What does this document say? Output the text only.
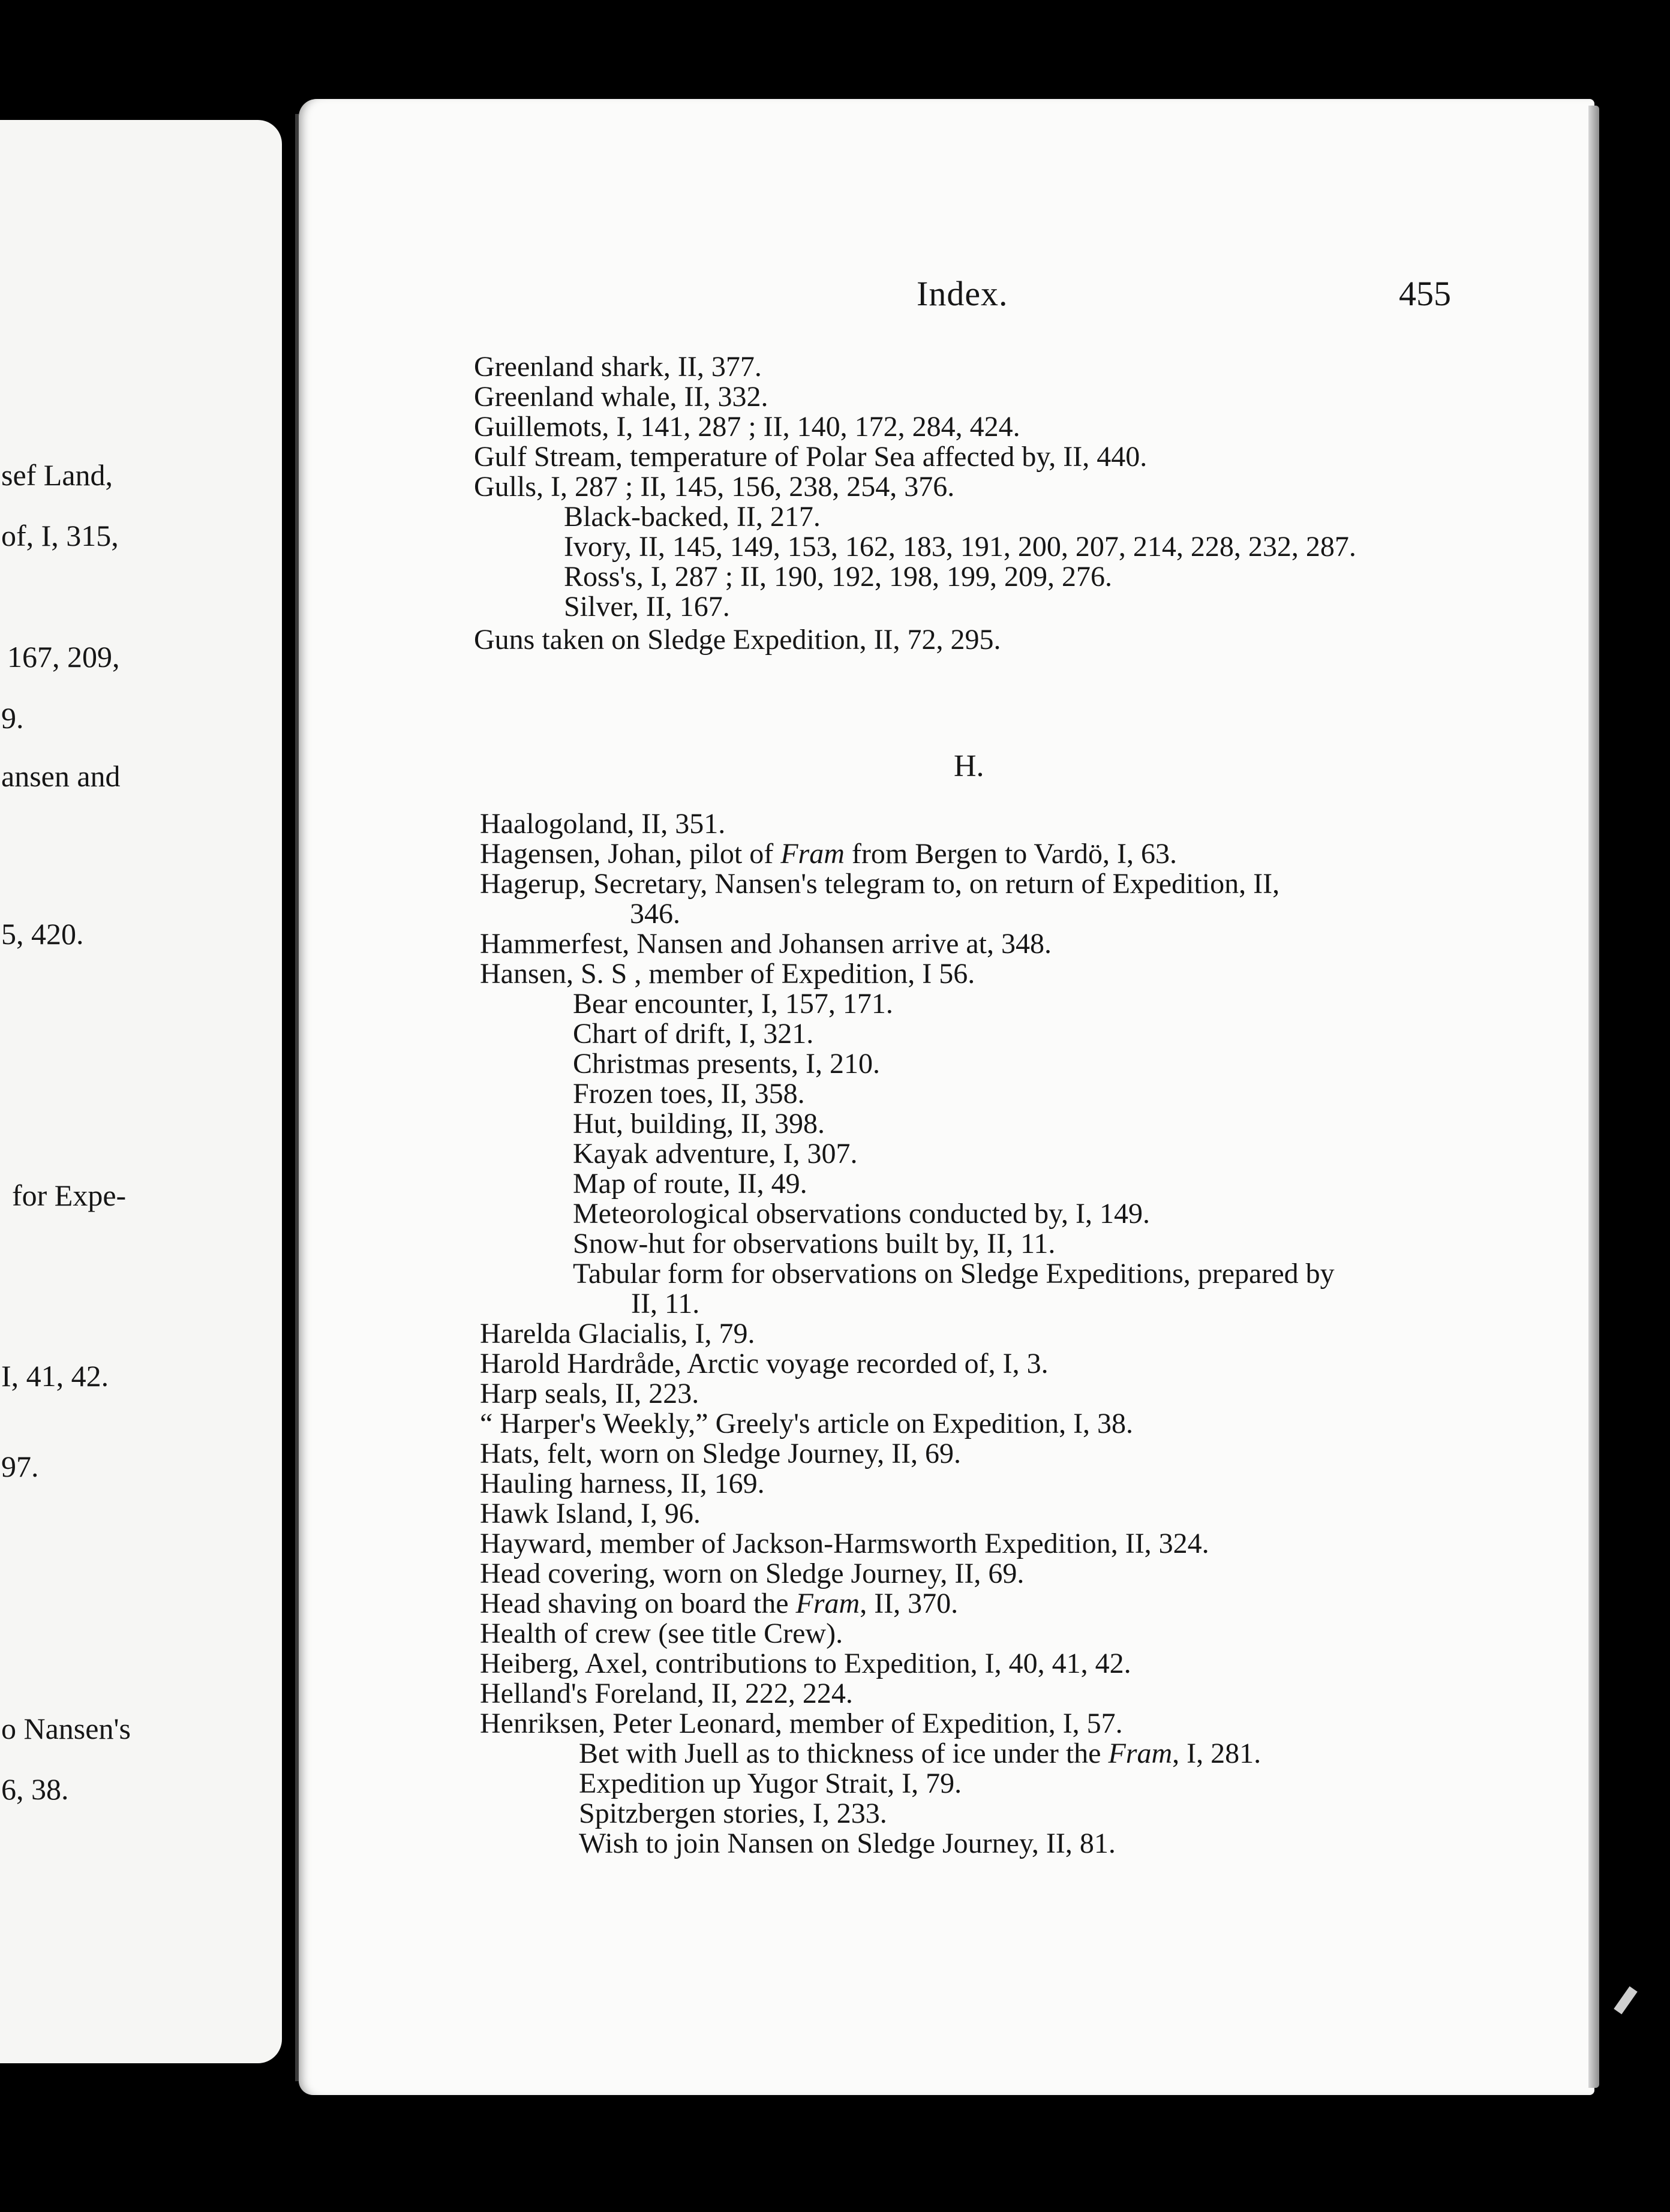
sef Land,
of, I, 315,
167, 209,
9.
ansen and
5, 420.
for Expe-
I, 41, 42.
97.
o Nansen's
6, 38.
Index.	455
Greenland shark, II, 377.
Greenland whale, II, 332.
Guillemots, I, 141, 287 ; II, 140, 172, 284, 424.
Gulf Stream, temperature of Polar Sea affected by, II, 440.
Gulls, I, 287 ; II, 145, 156, 238, 254, 376.
Black-backed, II, 217.
Ivory, II, 145, 149, 153, 162, 183, 191, 200, 207, 214, 228, 232, 287.
Ross's, I, 287 ; II, 190, 192, 198, 199, 209, 276.
Silver, II, 167.
Guns taken on Sledge Expedition, II, 72, 295.
H.
Haalogoland, II, 351.
Hagensen, Johan, pilot of Fram from Bergen to Vardö, I, 63.
Hagerup, Secretary, Nansen's telegram to, on return of Expedition, II,
346.
Hammerfest, Nansen and Johansen arrive at, 348.
Hansen, S. S , member of Expedition, I 56.
Bear encounter, I, 157, 171.
Chart of drift, I, 321.
Christmas presents, I, 210.
Frozen toes, II, 358.
Hut, building, II, 398.
Kayak adventure, I, 307.
Map of route, II, 49.
Meteorological observations conducted by, I, 149.
Snow-hut for observations built by, II, 11.
Tabular form for observations on Sledge Expeditions, prepared by
II, 11.
Harelda Glacialis, I, 79.
Harold Hardråde, Arctic voyage recorded of, I, 3.
Harp seals, II, 223.
“ Harper's Weekly,” Greely's article on Expedition, I, 38.
Hats, felt, worn on Sledge Journey, II, 69.
Hauling harness, II, 169.
Hawk Island, I, 96.
Hayward, member of Jackson-Harmsworth Expedition, II, 324.
Head covering, worn on Sledge Journey, II, 69.
Head shaving on board the Fram, II, 370.
Health of crew (see title Crew).
Heiberg, Axel, contributions to Expedition, I, 40, 41, 42.
Helland's Foreland, II, 222, 224.
Henriksen, Peter Leonard, member of Expedition, I, 57.
Bet with Juell as to thickness of ice under the Fram, I, 281.
Expedition up Yugor Strait, I, 79.
Spitzbergen stories, I, 233.
Wish to join Nansen on Sledge Journey, II, 81.
